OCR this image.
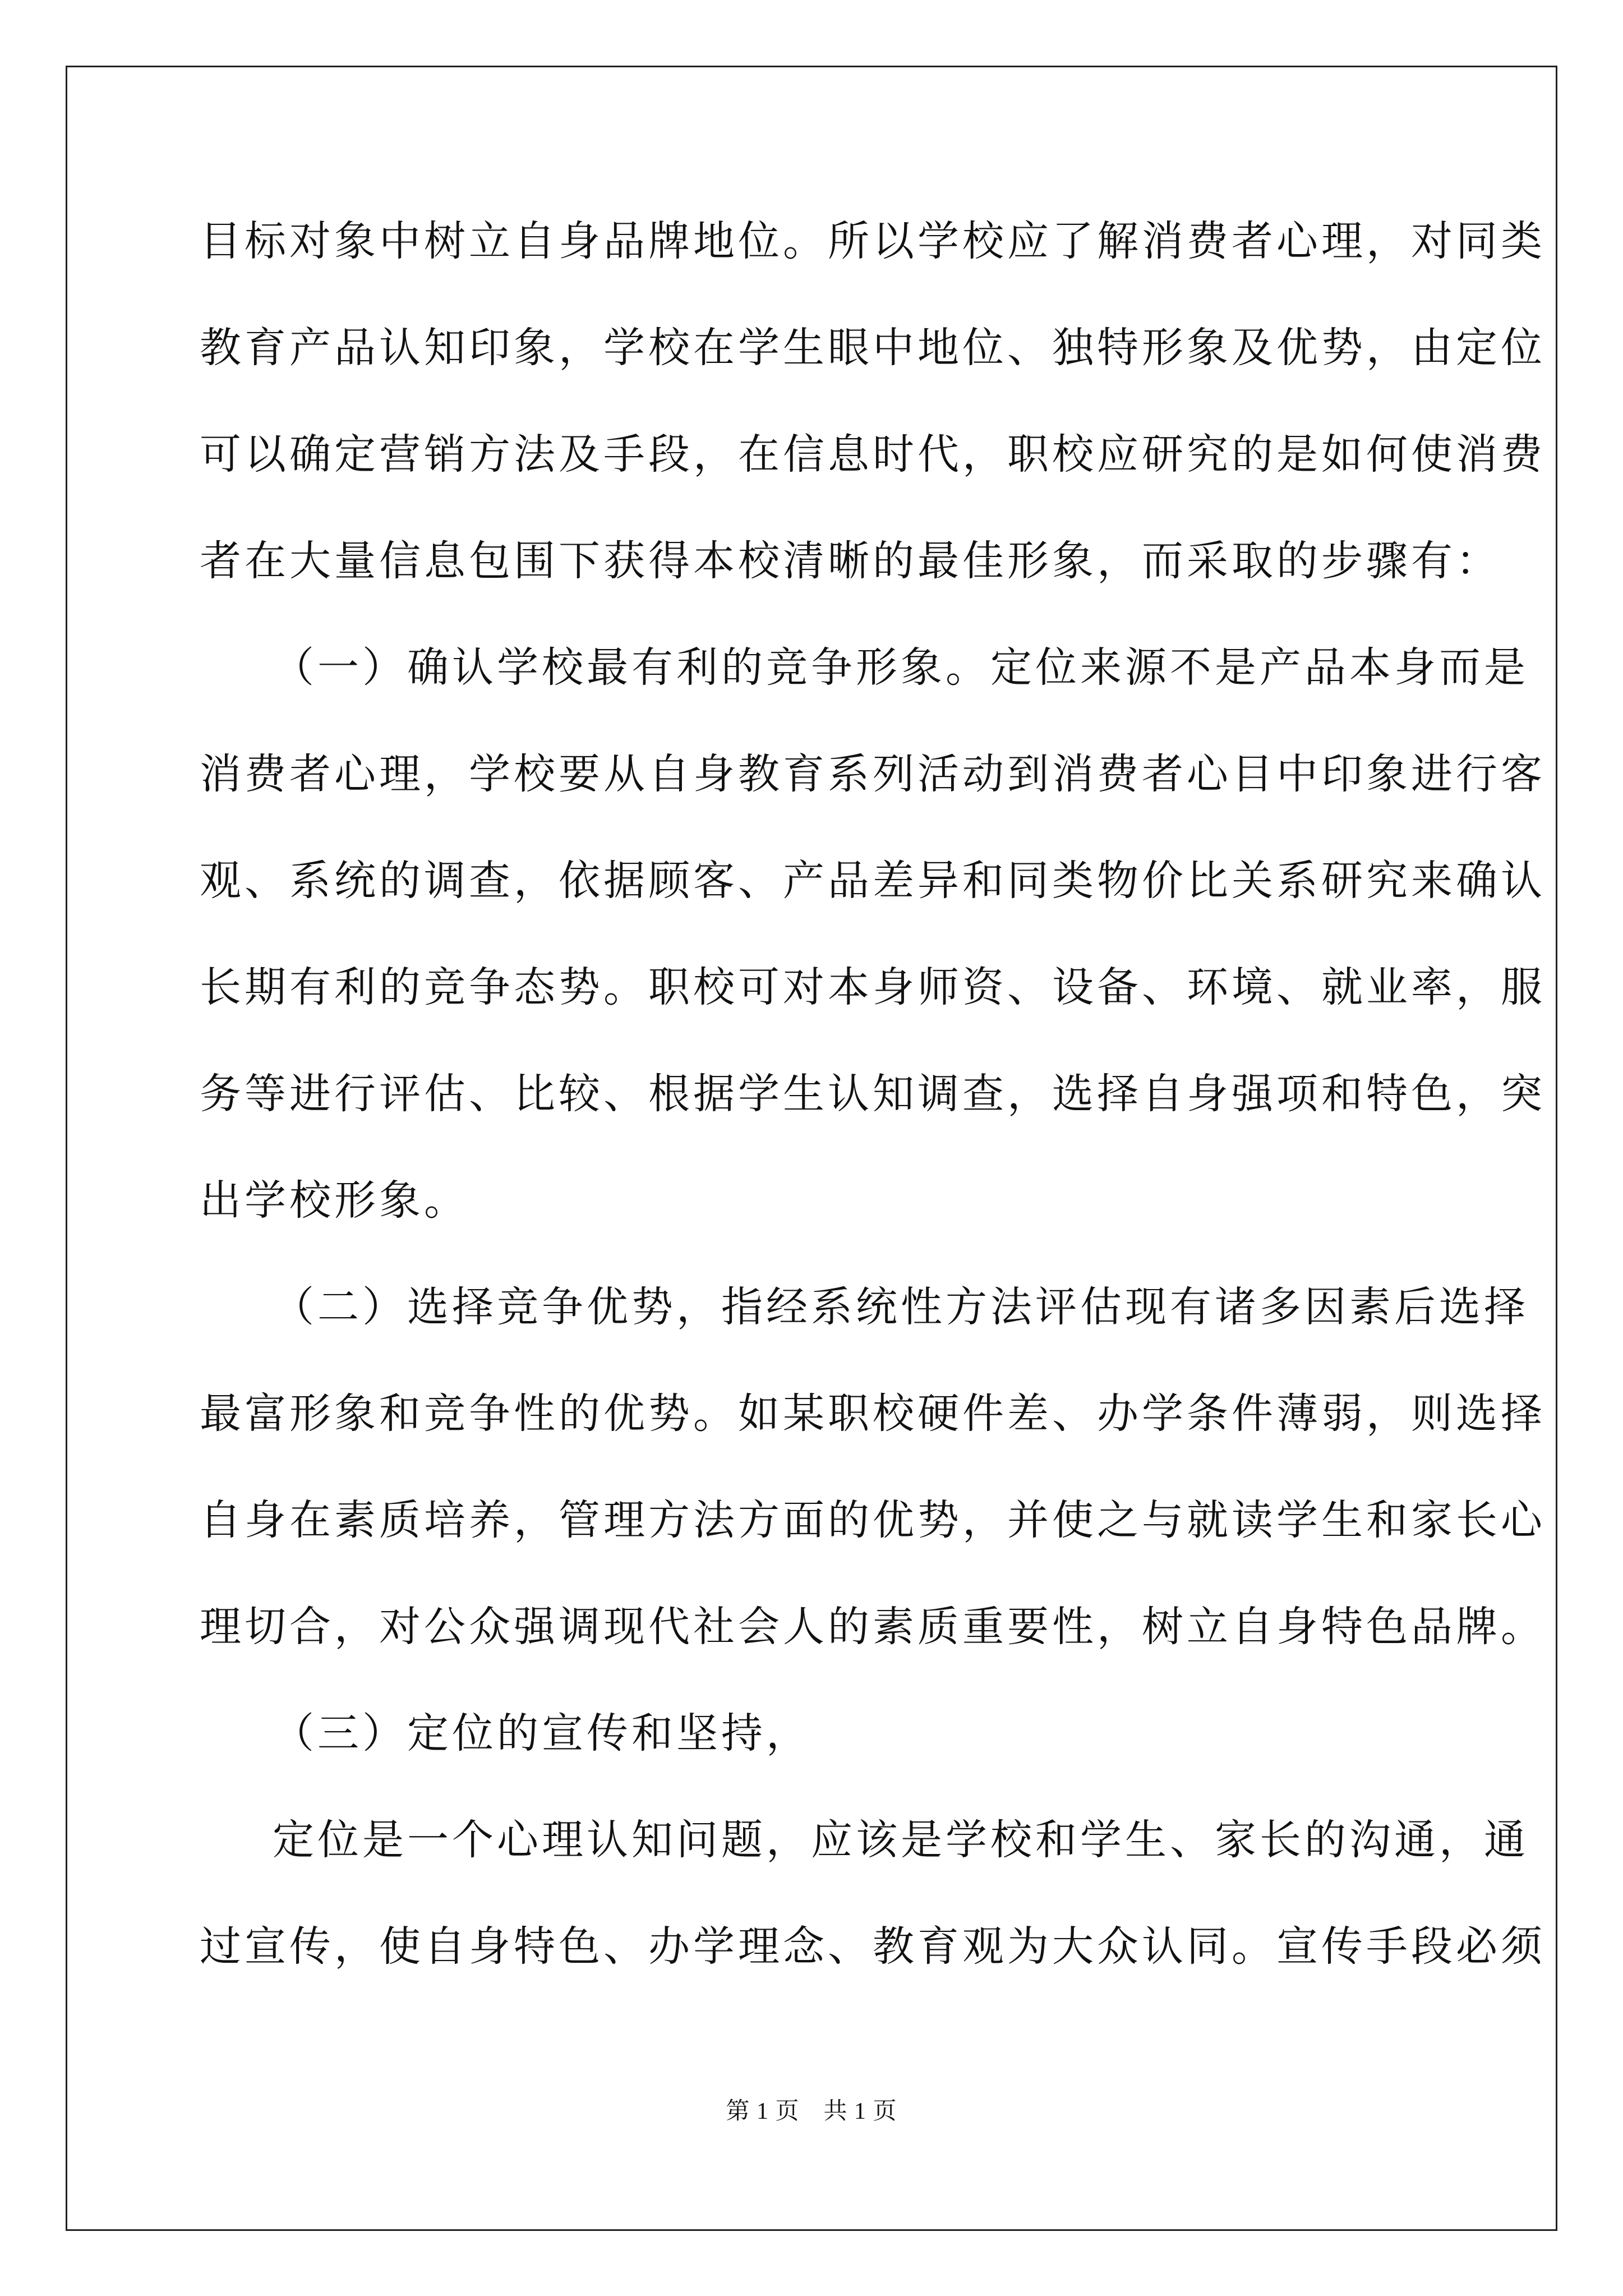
目标对象中树立自身品牌地位。所以学校应了解消费者心理，对同类
教育产品认知印象，学校在学生眼中地位、独特形象及优势，由定位
可以确定营销方法及手段，在信息时代，职校应研究的是如何使消费
者在大量信息包围下获得本校清晰的最佳形象，而采取的步骤有：
（一）确认学校最有利的竞争形象。定位来源不是产品本身而是
消费者心理，学校要从自身教育系列活动到消费者心目中印象进行客
观、系统的调查，依据顾客、产品差异和同类物价比关系研究来确认
长期有利的竞争态势。职校可对本身师资、设备、环境、就业率，服
务等进行评估、比较、根据学生认知调查，选择自身强项和特色，突
出学校形象。
（二）选择竞争优势，指经系统性方法评估现有诸多因素后选择
最富形象和竞争性的优势。如某职校硬件差、办学条件薄弱，则选择
自身在素质培养，管理方法方面的优势，并使之与就读学生和家长心
理切合，对公众强调现代社会人的素质重要性，树立自身特色品牌。
（三）定位的宣传和坚持，
定位是一个心理认知问题，应该是学校和学生、家长的沟通，通
过宣传，使自身特色、办学理念、教育观为大众认同。宣传手段必须
第 1 页　共 1 页
